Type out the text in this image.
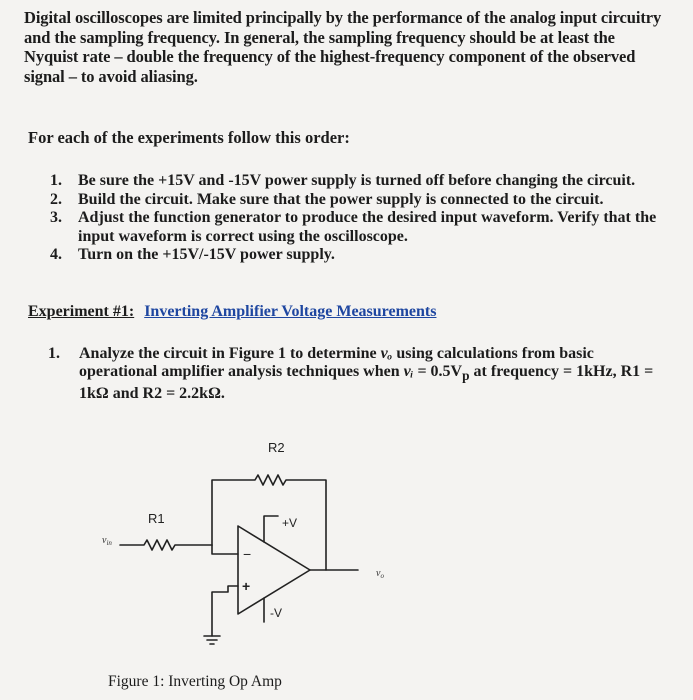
Digital oscilloscopes are limited principally by the performance of the analog input circuitry
and the sampling frequency. In general, the sampling frequency should be at least the
Nyquist rate – double the frequency of the highest-frequency component of the observed
signal – to avoid aliasing.
For each of the experiments follow this order:
1.	Be sure the +15V and -15V power supply is turned off before changing the circuit.
2.	Build the circuit. Make sure that the power supply is connected to the circuit.
3.	Adjust the function generator to produce the desired input waveform. Verify that the
input waveform is correct using the oscilloscope.
4.	Turn on the +15V/-15V power supply.
Experiment #1: Inverting Amplifier Voltage Measurements
1.	Analyze the circuit in Figure 1 to determine vₒ using calculations from basic
operational amplifier analysis techniques when vᵢ = $0.5V_p$ at frequency = 1kHz, R1 =
1kΩ and R2 = 2.2kΩ.
R2
R1	+V
-V
−
+
$v_{in}$
$v_o$
Figure 1: Inverting Op Amp
